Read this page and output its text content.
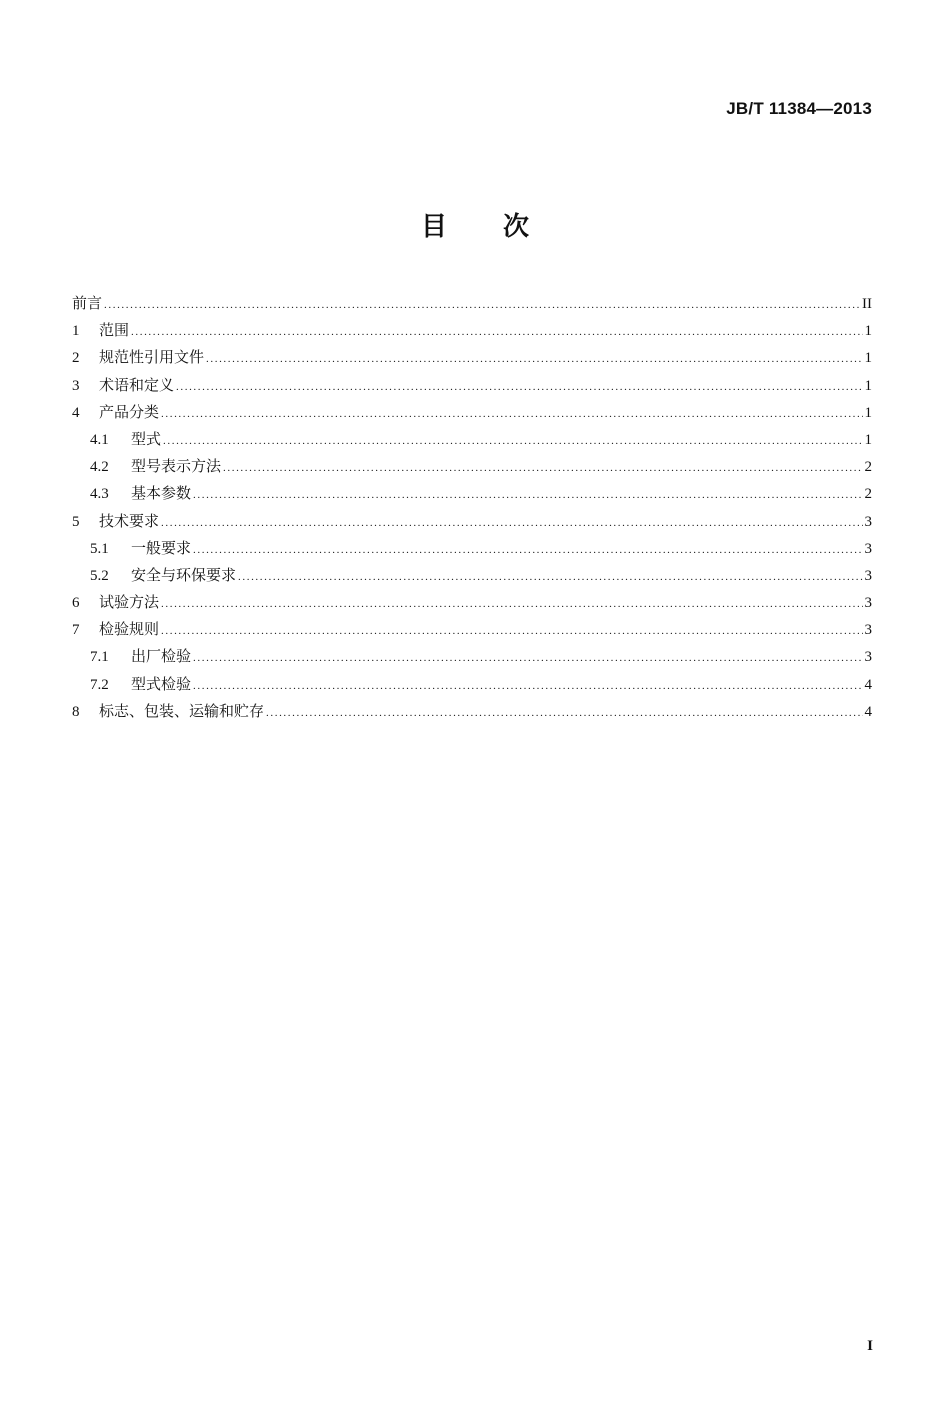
JB/T 11384—2013
目 次
前言 .....	II
1	范围 .....	1
2	规范性引用文件 .....	1
3	术语和定义 .....	1
4	产品分类 .....	1
4.1	型式 .....	1
4.2	型号表示方法 .....	2
4.3	基本参数 .....	2
5	技术要求 .....	3
5.1	一般要求 .....	3
5.2	安全与环保要求 .....	3
6	试验方法 .....	3
7	检验规则 .....	3
7.1	出厂检验 .....	3
7.2	型式检验 .....	4
8	标志、包装、运输和贮存 .....	4
I
